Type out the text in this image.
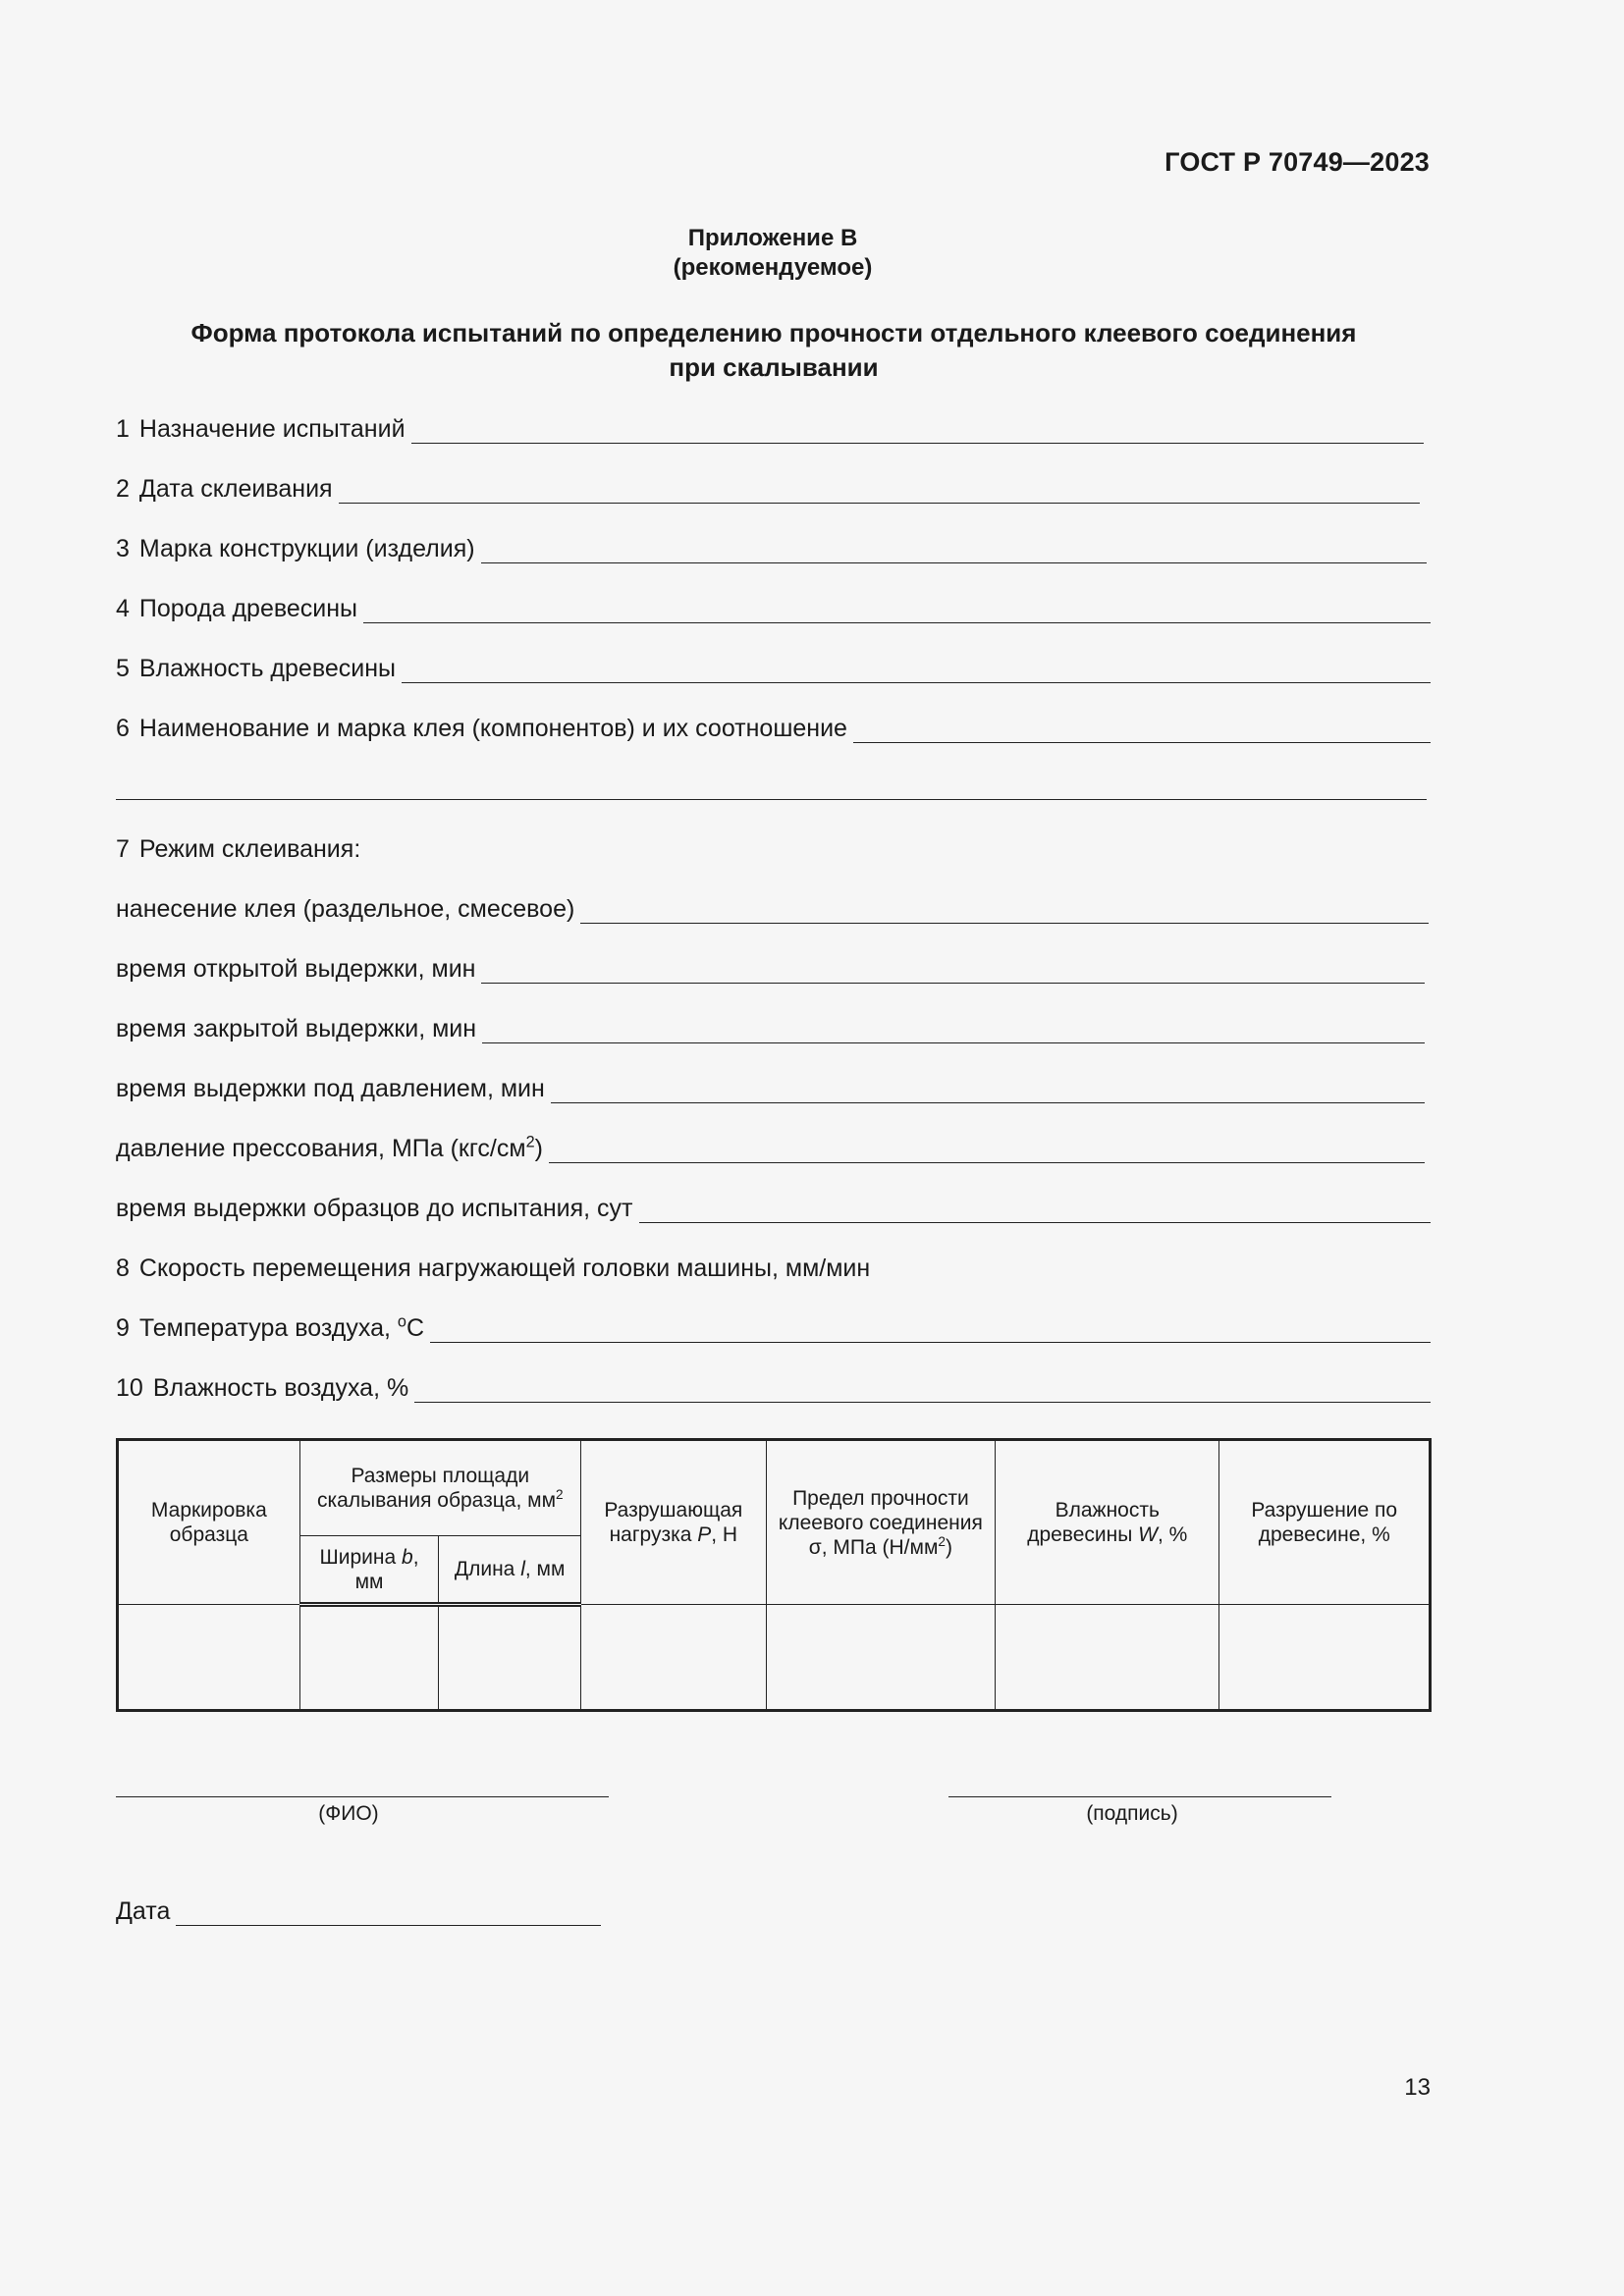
ГОСТ Р 70749—2023
Приложение В
(рекомендуемое)
Форма протокола испытаний по определению прочности отдельного клеевого соединения
при скалывании
1 Назначение испытаний
2 Дата склеивания
3 Марка конструкции (изделия)
4 Порода древесины
5 Влажность древесины
6 Наименование и марка клея (компонентов) и их соотношение
7 Режим склеивания:
нанесение клея (раздельное, смесевое)
время открытой выдержки, мин
время закрытой выдержки, мин
время выдержки под давлением, мин
давление прессования, МПа $(кгс/см^2)$
время выдержки образцов до испытания, сут
8 Скорость перемещения нагружающей головки машины, мм/мин
9 Температура воздуха, $^о$С
10 Влажность воздуха, %
Маркировка образца	Размеры площади скалывания образца, $мм^2$		Разрушающая нагрузка P, Н	Предел прочности клеевого соединения σ, МПа $(Н/мм^2)$	Влажность древесины W, %	Разрушение по древесине, %
	Ширина b, мм	Длина l, мм				

(ФИО)	(подпись)
Дата
13
